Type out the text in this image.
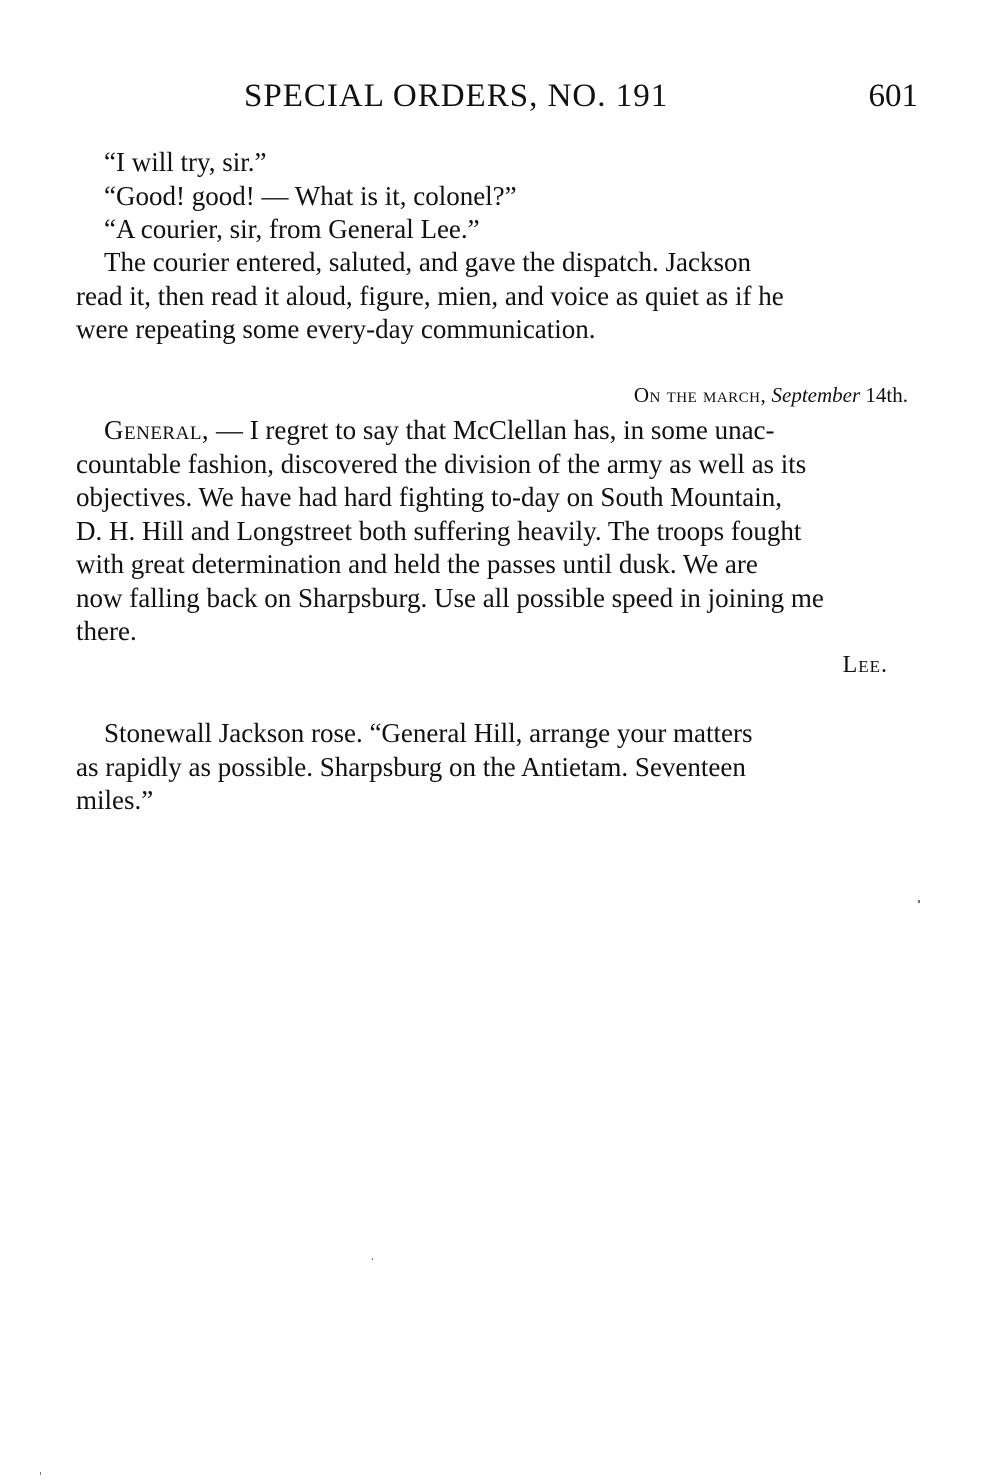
SPECIAL ORDERS, NO. 191	601
“I will try, sir.”
“Good! good! — What is it, colonel?”
“A courier, sir, from General Lee.”
The courier entered, saluted, and gave the dispatch. Jackson
read it, then read it aloud, figure, mien, and voice as quiet as if he
were repeating some every-day communication.
On the march, September 14th.
General, — I regret to say that McClellan has, in some unac-
countable fashion, discovered the division of the army as well as its
objectives. We have had hard fighting to-day on South Mountain,
D. H. Hill and Longstreet both suffering heavily. The troops fought
with great determination and held the passes until dusk. We are
now falling back on Sharpsburg. Use all possible speed in joining me
there.
Lee.
Stonewall Jackson rose. “General Hill, arrange your matters
as rapidly as possible. Sharpsburg on the Antietam. Seventeen
miles.”
